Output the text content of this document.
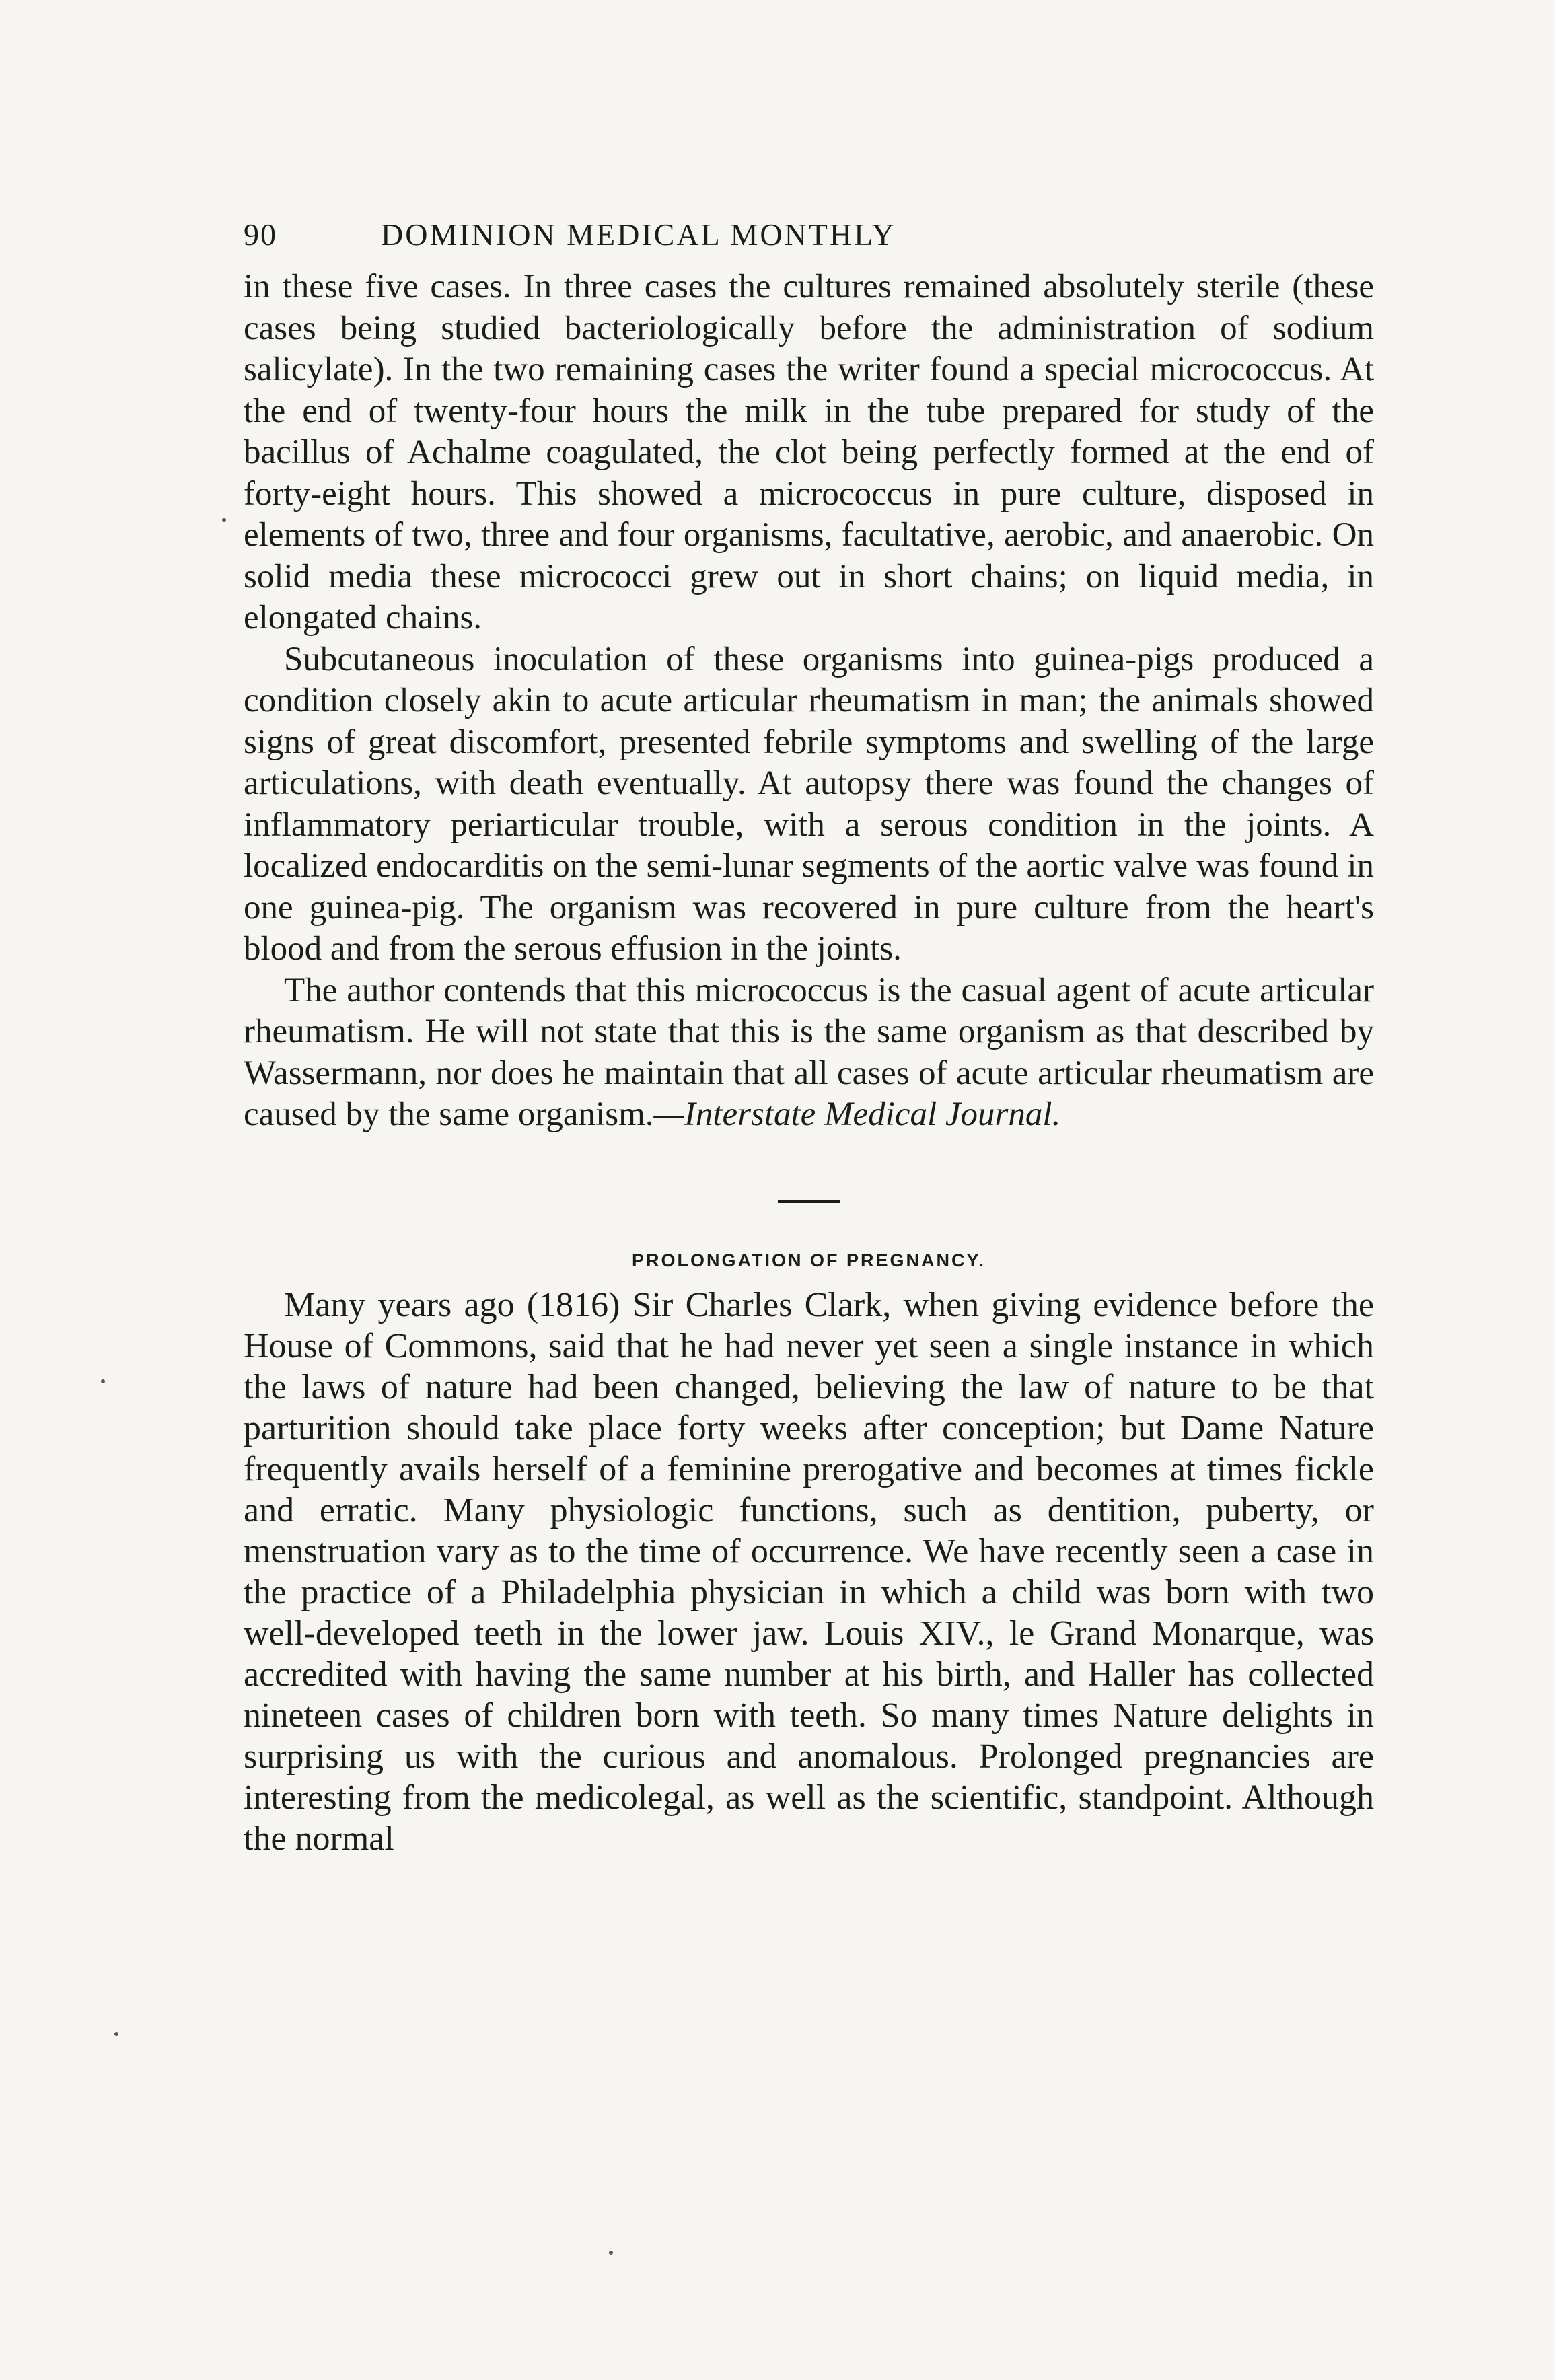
90	DOMINION MEDICAL MONTHLY

in these five cases. In three cases the cultures remained absolutely sterile (these cases being studied bacteriologically before the administration of sodium salicylate). In the two remaining cases the writer found a special micrococcus. At the end of twenty-four hours the milk in the tube prepared for study of the bacillus of Achalme coagulated, the clot being perfectly formed at the end of forty-eight hours. This showed a micrococcus in pure culture, disposed in elements of two, three and four organisms, facultative, aerobic, and anaerobic. On solid media these micrococci grew out in short chains; on liquid media, in elongated chains.

Subcutaneous inoculation of these organisms into guinea-pigs produced a condition closely akin to acute articular rheumatism in man; the animals showed signs of great discomfort, presented febrile symptoms and swelling of the large articulations, with death eventually. At autopsy there was found the changes of inflammatory periarticular trouble, with a serous condition in the joints. A localized endocarditis on the semi-lunar segments of the aortic valve was found in one guinea-pig. The organism was recovered in pure culture from the heart's blood and from the serous effusion in the joints.

The author contends that this micrococcus is the casual agent of acute articular rheumatism. He will not state that this is the same organism as that described by Wassermann, nor does he maintain that all cases of acute articular rheumatism are caused by the same organism.—Interstate Medical Journal.

PROLONGATION OF PREGNANCY.

Many years ago (1816) Sir Charles Clark, when giving evidence before the House of Commons, said that he had never yet seen a single instance in which the laws of nature had been changed, believing the law of nature to be that parturition should take place forty weeks after conception; but Dame Nature frequently avails herself of a feminine prerogative and becomes at times fickle and erratic. Many physiologic functions, such as dentition, puberty, or menstruation vary as to the time of occurrence. We have recently seen a case in the practice of a Philadelphia physician in which a child was born with two well-developed teeth in the lower jaw. Louis XIV., le Grand Monarque, was accredited with having the same number at his birth, and Haller has collected nineteen cases of children born with teeth. So many times Nature delights in surprising us with the curious and anomalous. Prolonged pregnancies are interesting from the medicolegal, as well as the scientific, standpoint. Although the normal
